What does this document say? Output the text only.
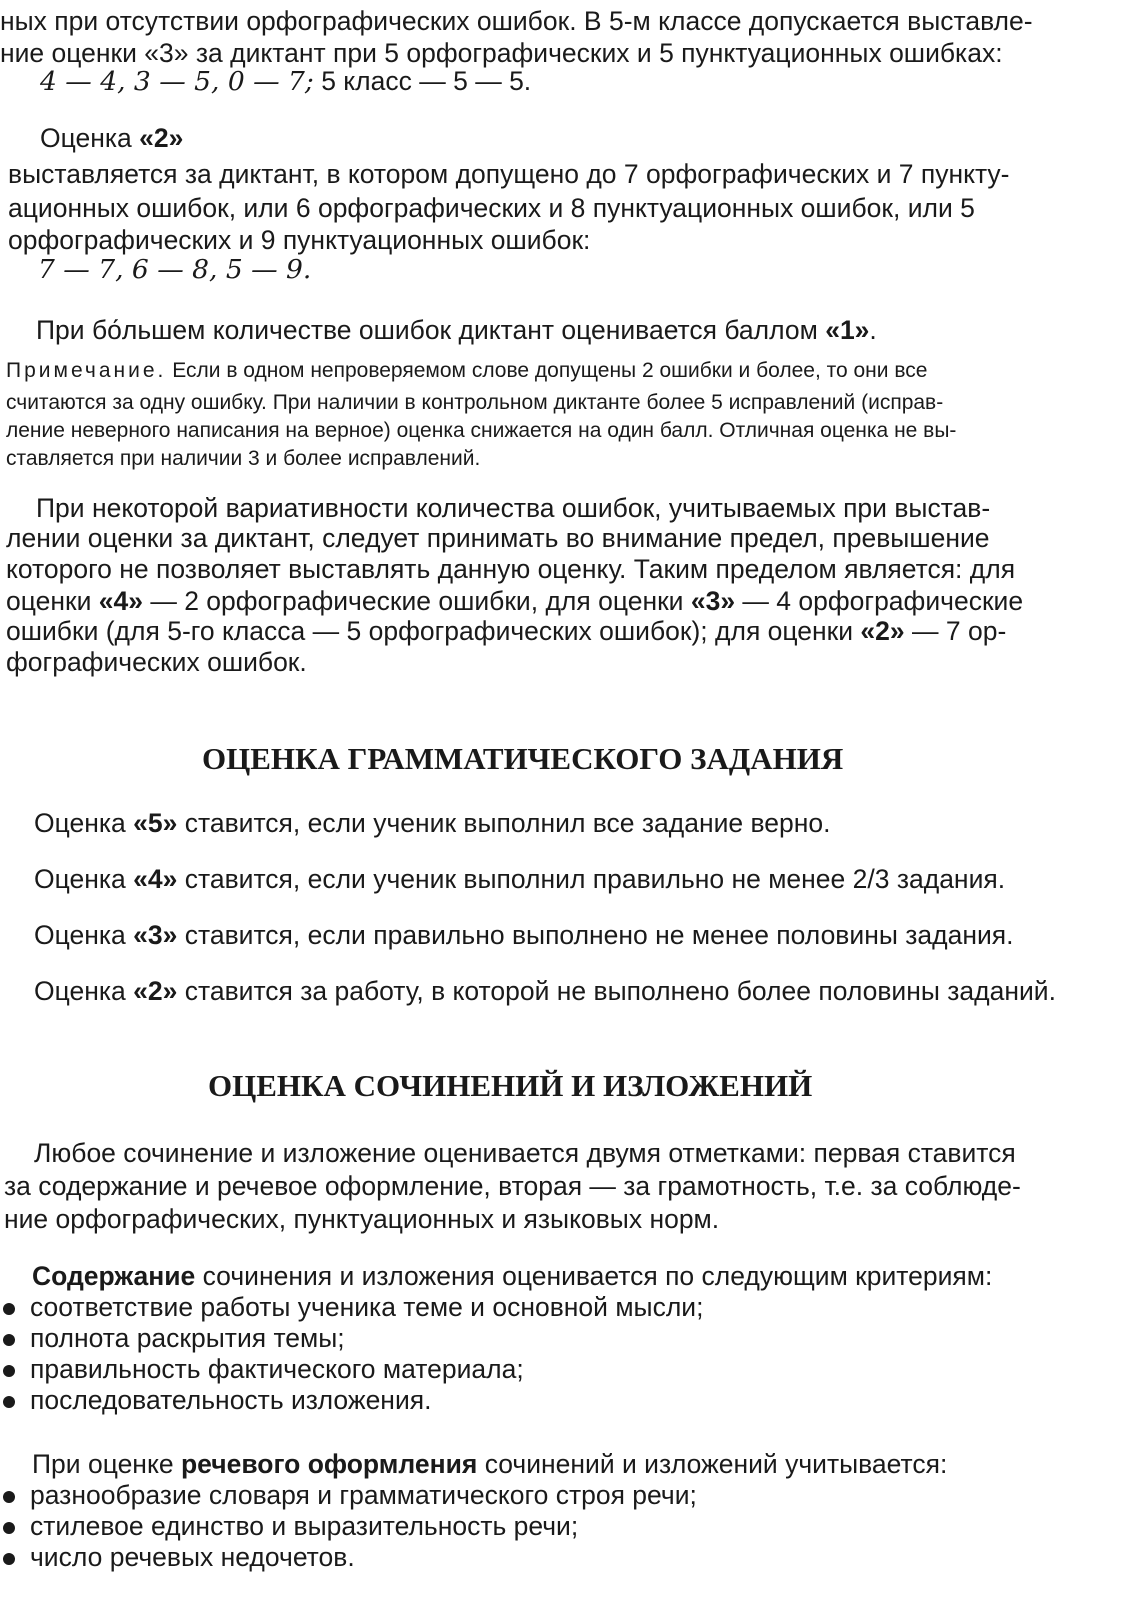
ных при отсутствии орфографических ошибок. В 5-м классе допускается выставле-
ние оценки «3» за диктант при 5 орфографических и 5 пунктуационных ошибках:
4 — 4, 3 — 5, 0 — 7; 5 класс — 5 — 5.
Оценка «2»
выставляется за диктант, в котором допущено до 7 орфографических и 7 пункту-
ационных ошибок, или 6 орфографических и 8 пунктуационных ошибок, или 5
орфографических и 9 пунктуационных ошибок:
7 — 7, 6 — 8, 5 — 9.
При бо́льшем количестве ошибок диктант оценивается баллом «1».
Примечание. Если в одном непроверяемом слове допущены 2 ошибки и более, то они все
считаются за одну ошибку. При наличии в контрольном диктанте более 5 исправлений (исправ-
ление неверного написания на верное) оценка снижается на один балл. Отличная оценка не вы-
ставляется при наличии 3 и более исправлений.
При некоторой вариативности количества ошибок, учитываемых при выстав-
лении оценки за диктант, следует принимать во внимание предел, превышение
которого не позволяет выставлять данную оценку. Таким пределом является: для
оценки «4» — 2 орфографические ошибки, для оценки «3» — 4 орфографические
ошибки (для 5-го класса — 5 орфографических ошибок); для оценки «2» — 7 ор-
фографических ошибок.
ОЦЕНКА ГРАММАТИЧЕСКОГО ЗАДАНИЯ
Оценка «5» ставится, если ученик выполнил все задание верно.
Оценка «4» ставится, если ученик выполнил правильно не менее 2/3 задания.
Оценка «3» ставится, если правильно выполнено не менее половины задания.
Оценка «2» ставится за работу, в которой не выполнено более половины заданий.
ОЦЕНКА СОЧИНЕНИЙ И ИЗЛОЖЕНИЙ
Любое сочинение и изложение оценивается двумя отметками: первая ставится
за содержание и речевое оформление, вторая — за грамотность, т.е. за соблюде-
ние орфографических, пунктуационных и языковых норм.
Содержание сочинения и изложения оценивается по следующим критериям:
соответствие работы ученика теме и основной мысли;
полнота раскрытия темы;
правильность фактического материала;
последовательность изложения.
При оценке речевого оформления сочинений и изложений учитывается:
разнообразие словаря и грамматического строя речи;
стилевое единство и выразительность речи;
число речевых недочетов.
